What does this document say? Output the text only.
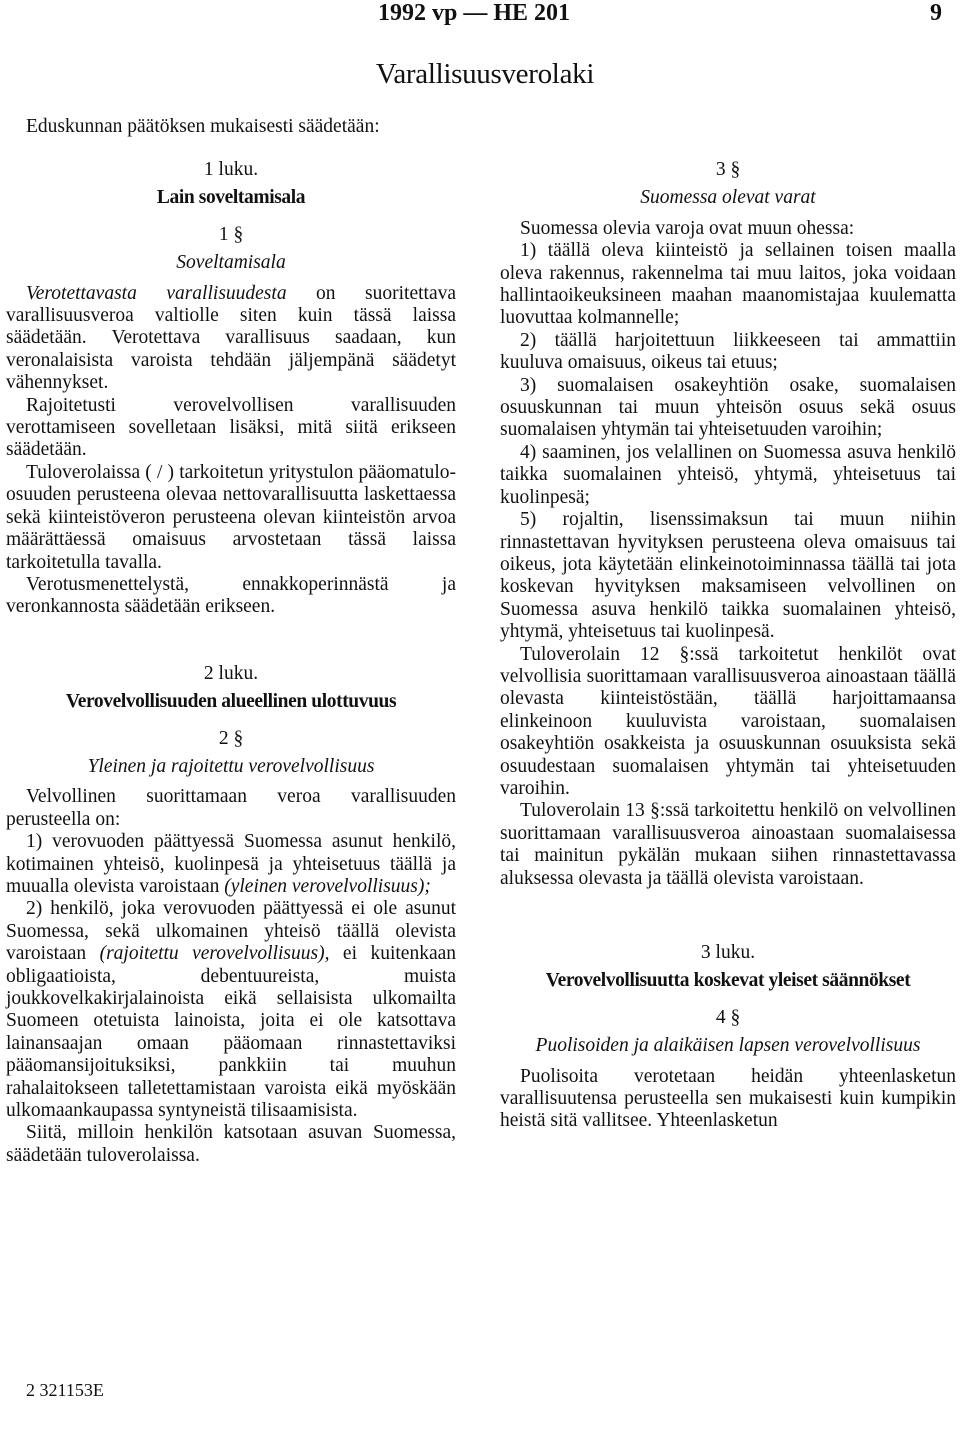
1992 vp — HE 201	9
Varallisuusverolaki
Eduskunnan päätöksen mukaisesti säädetään:
1 luku.
Lain soveltamisala
1 §
Soveltamisala

Verotettavasta varallisuudesta on suoritettava varallisuusveroa valtiolle siten kuin tässä laissa säädetään. Verotettava varallisuus saadaan, kun veronalaisista varoista tehdään jäljempänä säädetyt vähennykset.

Rajoitetusti verovelvollisen varallisuuden verottamiseen sovelletaan lisäksi, mitä siitä erikseen säädetään.

Tuloverolaissa ( / ) tarkoitetun yritystulon pääomatulo-osuuden perusteena olevaa nettovarallisuutta laskettaessa sekä kiinteistöveron perusteena olevan kiinteistön arvoa määrättäessä omaisuus arvostetaan tässä laissa tarkoitetulla tavalla.

Verotusmenettelystä, ennakkoperinnästä ja veronkannosta säädetään erikseen.

2 luku.
Verovelvollisuuden alueellinen ulottuvuus
2 §
Yleinen ja rajoitettu verovelvollisuus

Velvollinen suorittamaan veroa varallisuuden perusteella on:

1) verovuoden päättyessä Suomessa asunut henkilö, kotimainen yhteisö, kuolinpesä ja yhteisetuus täällä ja muualla olevista varoistaan (yleinen verovelvollisuus);

2) henkilö, joka verovuoden päättyessä ei ole asunut Suomessa, sekä ulkomainen yhteisö täällä olevista varoistaan (rajoitettu verovelvollisuus), ei kuitenkaan obligaatioista, debentuureista, muista joukkovelkakirjalainoista eikä sellaisista ulkomailta Suomeen otetuista lainoista, joita ei ole katsottava lainansaajan omaan pääomaan rinnastettaviksi pääomansijoituksiksi, pankkiin tai muuhun rahalaitokseen talletettamistaan varoista eikä myöskään ulkomaankaupassa syntyneistä tilisaamisista.

Siitä, milloin henkilön katsotaan asuvan Suomessa, säädetään tuloverolaissa.

3 §
Suomessa olevat varat

Suomessa olevia varoja ovat muun ohessa:

1) täällä oleva kiinteistö ja sellainen toisen maalla oleva rakennus, rakennelma tai muu laitos, joka voidaan hallintaoikeuksineen maahan maanomistajaa kuulematta luovuttaa kolmannelle;

2) täällä harjoitettuun liikkeeseen tai ammattiin kuuluva omaisuus, oikeus tai etuus;

3) suomalaisen osakeyhtiön osake, suomalaisen osuuskunnan tai muun yhteisön osuus sekä osuus suomalaisen yhtymän tai yhteisetuuden varoihin;

4) saaminen, jos velallinen on Suomessa asuva henkilö taikka suomalainen yhteisö, yhtymä, yhteisetuus tai kuolinpesä;

5) rojaltin, lisenssimaksun tai muun niihin rinnastettavan hyvityksen perusteena oleva omaisuus tai oikeus, jota käytetään elinkeinotoiminnassa täällä tai jota koskevan hyvityksen maksamiseen velvollinen on Suomessa asuva henkilö taikka suomalainen yhteisö, yhtymä, yhteisetuus tai kuolinpesä.

Tuloverolain 12 §:ssä tarkoitetut henkilöt ovat velvollisia suorittamaan varallisuusveroa ainoastaan täällä olevasta kiinteistöstään, täällä harjoittamaansa elinkeinoon kuuluvista varoistaan, suomalaisen osakeyhtiön osakkeista ja osuuskunnan osuuksista sekä osuudestaan suomalaisen yhtymän tai yhteisetuuden varoihin.

Tuloverolain 13 §:ssä tarkoitettu henkilö on velvollinen suorittamaan varallisuusveroa ainoastaan suomalaisessa tai mainitun pykälän mukaan siihen rinnastettavassa aluksessa olevasta ja täällä olevista varoistaan.

3 luku.
Verovelvollisuutta koskevat yleiset säännökset
4 §
Puolisoiden ja alaikäisen lapsen verovelvollisuus

Puolisoita verotetaan heidän yhteenlasketun varallisuutensa perusteella sen mukaisesti kuin kumpikin heistä sitä vallitsee. Yhteenlasketun

2 321153E
